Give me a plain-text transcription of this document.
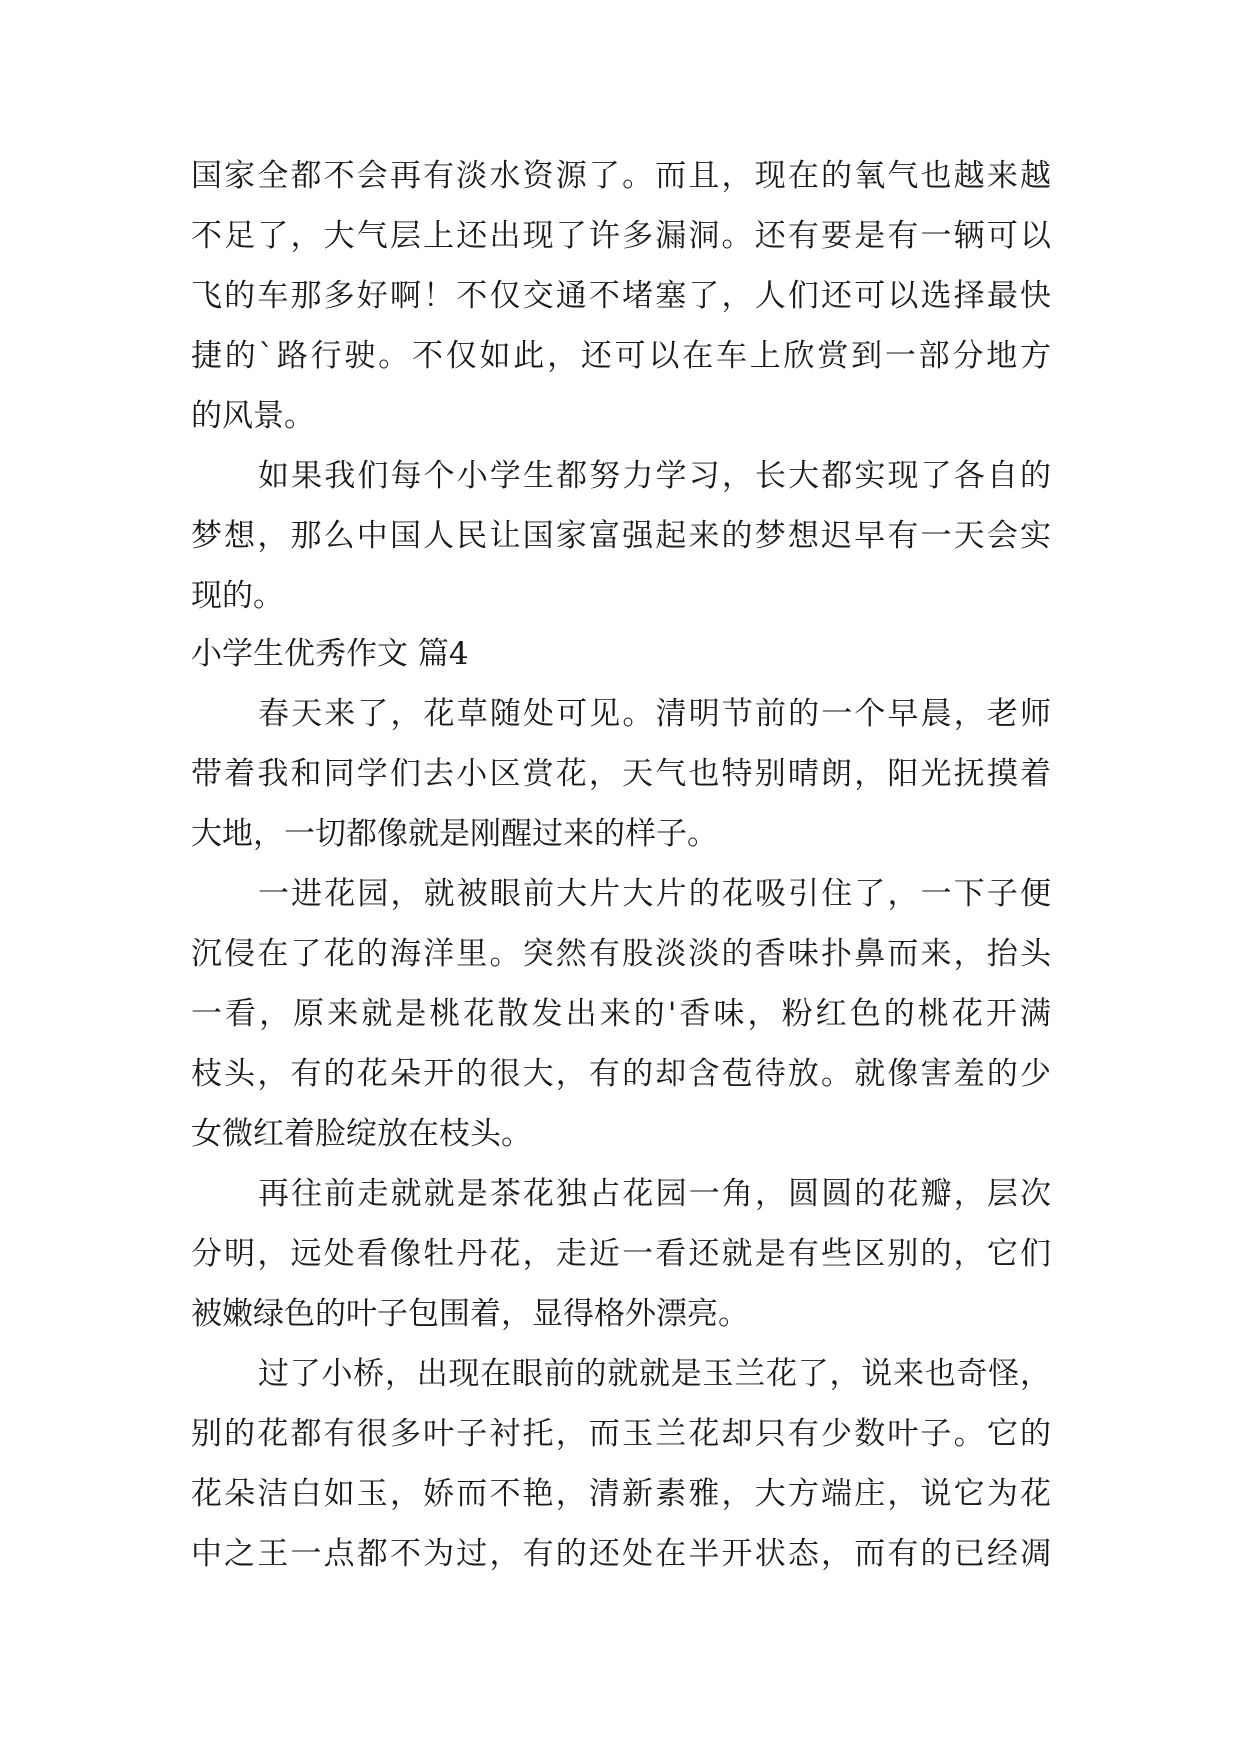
国家全都不会再有淡水资源了。而且，现在的氧气也越来越
不足了，大气层上还出现了许多漏洞。还有要是有一辆可以
飞的车那多好啊！不仅交通不堵塞了，人们还可以选择最快
捷的`路行驶。不仅如此，还可以在车上欣赏到一部分地方
的风景。
如果我们每个小学生都努力学习，长大都实现了各自的
梦想，那么中国人民让国家富强起来的梦想迟早有一天会实
现的。
小学生优秀作文 篇4
春天来了，花草随处可见。清明节前的一个早晨，老师
带着我和同学们去小区赏花，天气也特别晴朗，阳光抚摸着
大地，一切都像就是刚醒过来的样子。
一进花园，就被眼前大片大片的花吸引住了，一下子便
沉侵在了花的海洋里。突然有股淡淡的香味扑鼻而来，抬头
一看，原来就是桃花散发出来的'香味，粉红色的桃花开满
枝头，有的花朵开的很大，有的却含苞待放。就像害羞的少
女微红着脸绽放在枝头。
再往前走就就是茶花独占花园一角，圆圆的花瓣，层次
分明，远处看像牡丹花，走近一看还就是有些区别的，它们
被嫩绿色的叶子包围着，显得格外漂亮。
过了小桥，出现在眼前的就就是玉兰花了，说来也奇怪，
别的花都有很多叶子衬托，而玉兰花却只有少数叶子。它的
花朵洁白如玉，娇而不艳，清新素雅，大方端庄，说它为花
中之王一点都不为过，有的还处在半开状态，而有的已经凋
